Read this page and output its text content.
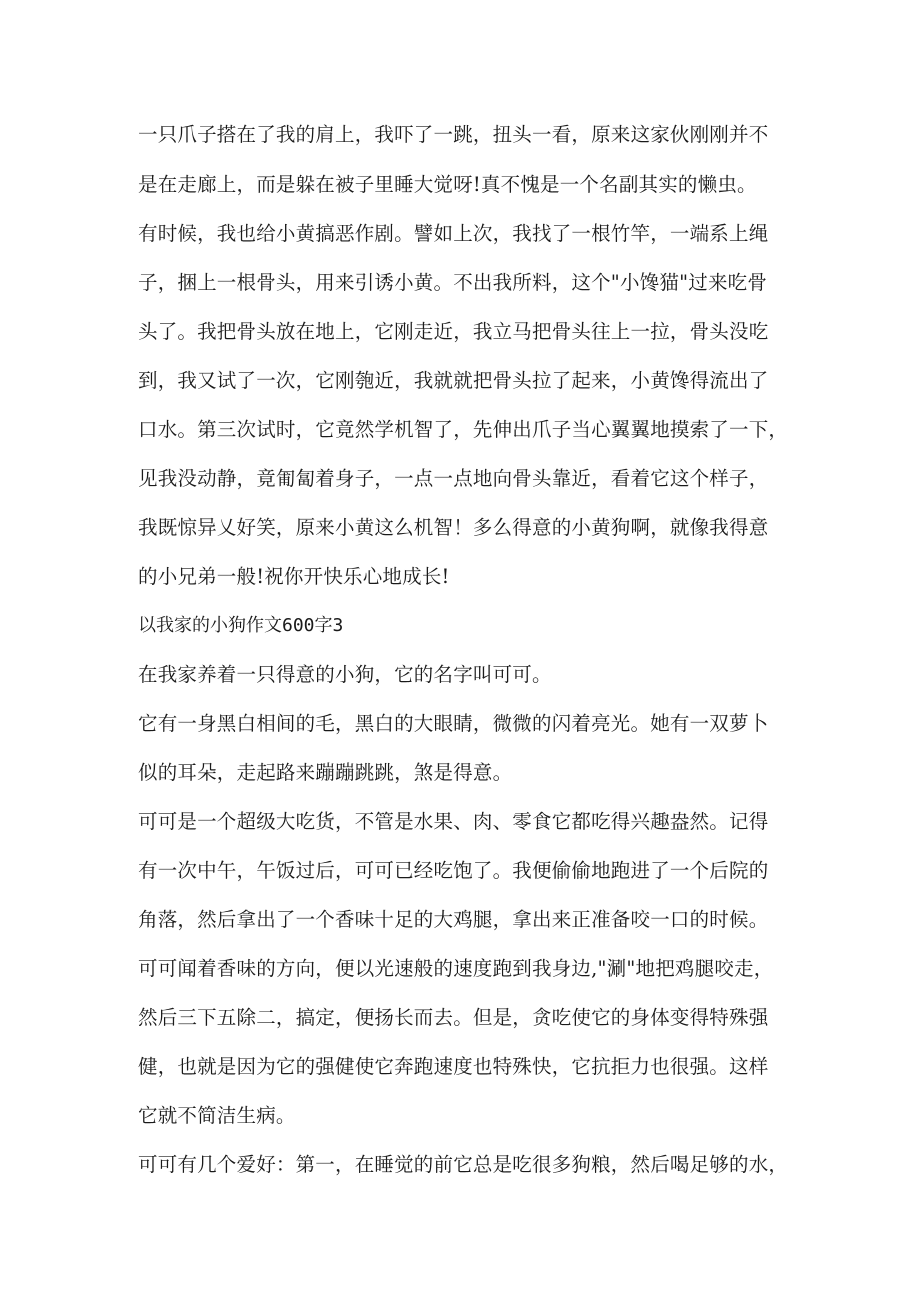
一只爪子搭在了我的肩上，我吓了一跳，扭头一看，原来这家伙刚刚并不
是在走廊上，而是躲在被子里睡大觉呀!真不愧是一个名副其实的懒虫。
有时候，我也给小黄搞恶作剧。譬如上次，我找了一根竹竿，一端系上绳
子，捆上一根骨头，用来引诱小黄。不出我所料，这个"小馋猫"过来吃骨
头了。我把骨头放在地上，它刚走近，我立马把骨头往上一拉，骨头没吃
到，我又试了一次，它刚匏近，我就就把骨头拉了起来，小黄馋得流出了
口水。第三次试时，它竟然学机智了，先伸出爪子当心翼翼地摸索了一下，
见我没动静，竟匍匐着身子，一点一点地向骨头靠近，看着它这个样子，
我既惊异乂好笑，原来小黄这么机智！多么得意的小黄狗啊，就像我得意
的小兄弟一般!祝你开快乐心地成长!
以我家的小狗作文600字3
在我家养着一只得意的小狗，它的名字叫可可。
它有一身黑白相间的毛，黑白的大眼睛，微微的闪着亮光。她有一双萝卜
似的耳朵，走起路来蹦蹦跳跳，煞是得意。
可可是一个超级大吃货，不管是水果、肉、零食它都吃得兴趣盎然。记得
有一次中午，午饭过后，可可已经吃饱了。我便偷偷地跑进了一个后院的
角落，然后拿出了一个香味十足的大鸡腿，拿出来正准备咬一口的时候。
可可闻着香味的方向，便以光速般的速度跑到我身边,"涮"地把鸡腿咬走，
然后三下五除二，搞定，便扬长而去。但是，贪吃使它的身体变得特殊强
健，也就是因为它的强健使它奔跑速度也特殊快，它抗拒力也很强。这样
它就不简洁生病。
可可有几个爱好：第一，在睡觉的前它总是吃很多狗粮，然后喝足够的水，
